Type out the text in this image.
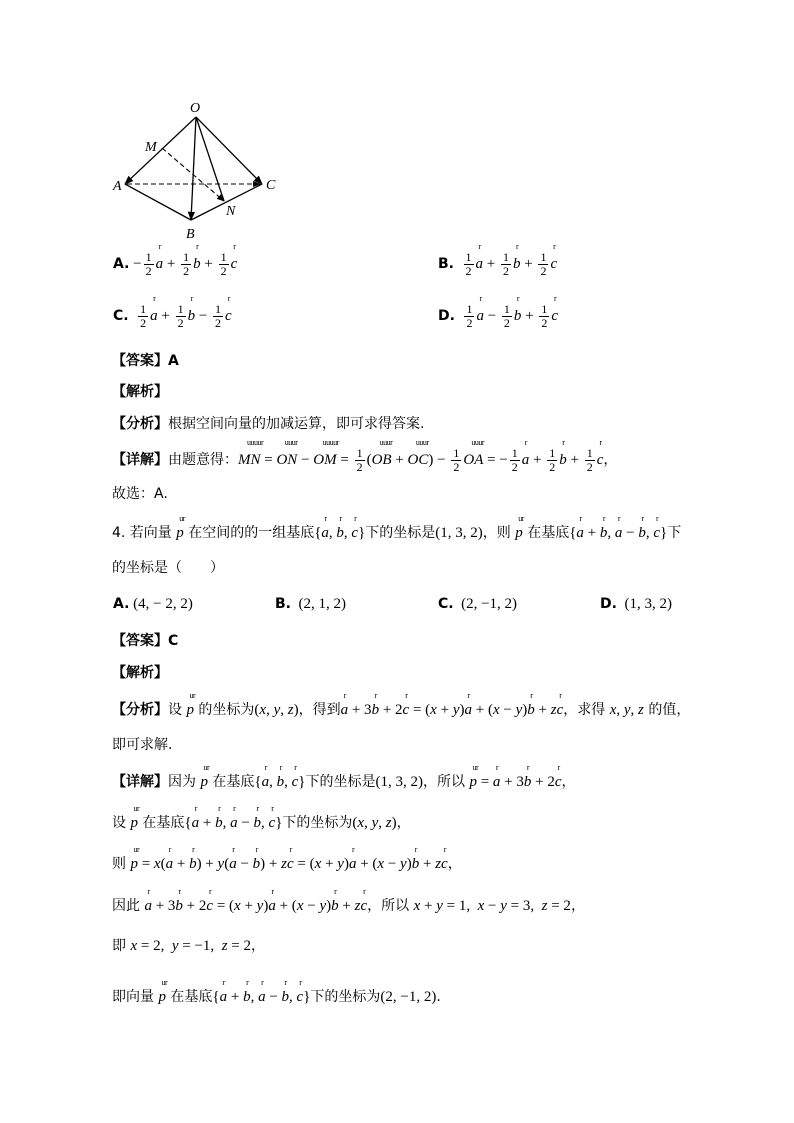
O
M
A	C
N
B
A. − $\frac{1}{2}$ a
r
+ $\frac{1}{2}$ b
r
+ $\frac{1}{2}$ c
r
B. $\frac{1}{2}$ a
r
+ $\frac{1}{2}$ b
r
+ $\frac{1}{2}$ c
r
C. $\frac{1}{2}$ a
r
+ $\frac{1}{2}$ b
r
− $\frac{1}{2}$ c
r
D. $\frac{1}{2}$ a
r
− $\frac{1}{2}$ b
r
+ $\frac{1}{2}$ c
r
【答案】A
【解析】
【分析】根据空间向量的加减运算，即可求得答案.
【详解】由题意得：MN
uuuur
= ON
uuur
− OM
uuuur
= $\frac{1}{2} (OB$
uuur
+ OC
uuur
) − $\frac{1}{2}$ OA
uuur
= − $\frac{1}{2}$ a
r
+ $\frac{1}{2}$ b
r
+ $\frac{1}{2}$ c
r
，
故选：A.
4. 若向量 p
ur
在空间的的一组基底{a
r
, b
r
, c
r
}下的坐标是(1, 3, 2)，则 p
ur
在基底{a
r
+ b
r
, a
r
− b
r
, c
r
}下
的坐标是（　　）
A. (4, − 2, 2)	B.  (2, 1, 2)	C.  (2, −1, 2)	D.  (1, 3, 2)
【答案】C
【解析】
【分析】设 p
ur
的坐标为(x, y, z)，得到a
r
+ 3b
r
+ 2c
r
= (x + y)a
r
+ (x − y)b
r
+ zc
r
，求得 x, y, z 的值，
即可求解.
【详解】因为 p
ur
在基底{a
r
, b
r
, c
r
}下的坐标是(1, 3, 2)，所以 p
ur
= a
r
+ 3b
r
+ 2c
r
，
设 p
ur
在基底{a
r
+ b
r
, a
r
− b
r
, c
r
}下的坐标为(x, y, z)，
则 p
ur
= x(a
r
+ b
r
) + y(a
r
− b
r
) + zc
r
= (x + y)a
r
+ (x − y)b
r
+ zc
r
，
因此 a
r
+ 3b
r
+ 2c
r
= (x + y)a
r
+ (x − y)b
r
+ zc
r
，所以 x + y = 1,  x − y = 3,  z = 2，
即 x = 2,  y = −1,  z = 2，
即向量 p
ur
在基底{a
r
+ b
r
, a
r
− b
r
, c
r
}下的坐标为(2, −1, 2).
